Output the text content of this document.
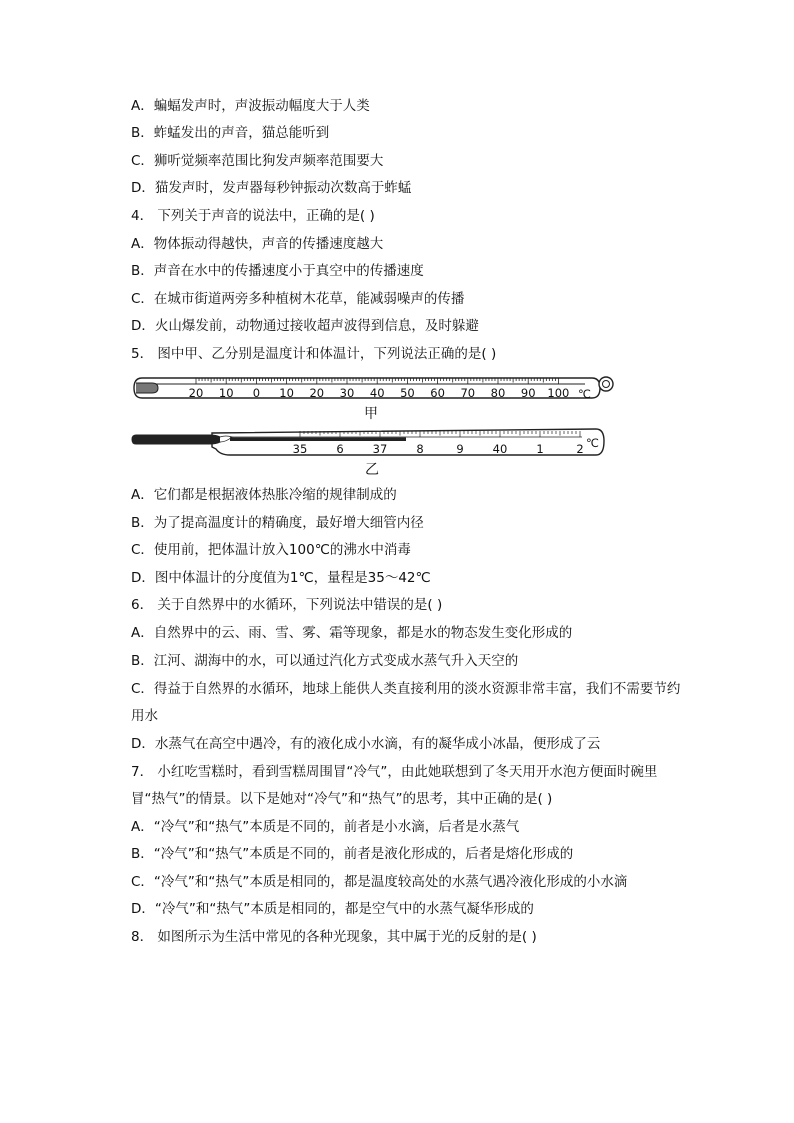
A．蝙蝠发声时，声波振动幅度大于人类
B．蚱蜢发出的声音，猫总能听到
C．狮听觉频率范围比狗发声频率范围要大
D．猫发声时，发声器每秒钟振动次数高于蚱蜢
4． 下列关于声音的说法中，正确的是( )
A．物体振动得越快，声音的传播速度越大
B．声音在水中的传播速度小于真空中的传播速度
C．在城市街道两旁多种植树木花草，能减弱噪声的传播
D．火山爆发前，动物通过接收超声波得到信息，及时躲避
5． 图中甲、乙分别是温度计和体温计，下列说法正确的是( )
20 10 0 10 20 30 40 50 60 70 80 90 100 ℃
甲
35	6	37	8	9	40	1	2 ℃
乙
A．它们都是根据液体热胀冷缩的规律制成的
B．为了提高温度计的精确度，最好增大细管内径
C．使用前，把体温计放入100℃的沸水中消毒
D．图中体温计的分度值为1℃，量程是35～42℃
6． 关于自然界中的水循环，下列说法中错误的是( )
A．自然界中的云、雨、雪、雾、霜等现象，都是水的物态发生变化形成的
B．江河、湖海中的水，可以通过汽化方式变成水蒸气升入天空的
C．得益于自然界的水循环，地球上能供人类直接利用的淡水资源非常丰富，我们不需要节约
用水
D．水蒸气在高空中遇冷，有的液化成小水滴，有的凝华成小冰晶，便形成了云
7． 小红吃雪糕时，看到雪糕周围冒“冷气”，由此她联想到了冬天用开水泡方便面时碗里
冒“热气”的情景。以下是她对“冷气”和“热气”的思考，其中正确的是( )
A．“冷气”和“热气”本质是不同的，前者是小水滴，后者是水蒸气
B．“冷气”和“热气”本质是不同的，前者是液化形成的，后者是熔化形成的
C．“冷气”和“热气”本质是相同的，都是温度较高处的水蒸气遇冷液化形成的小水滴
D．“冷气”和“热气”本质是相同的，都是空气中的水蒸气凝华形成的
8． 如图所示为生活中常见的各种光现象，其中属于光的反射的是( )
